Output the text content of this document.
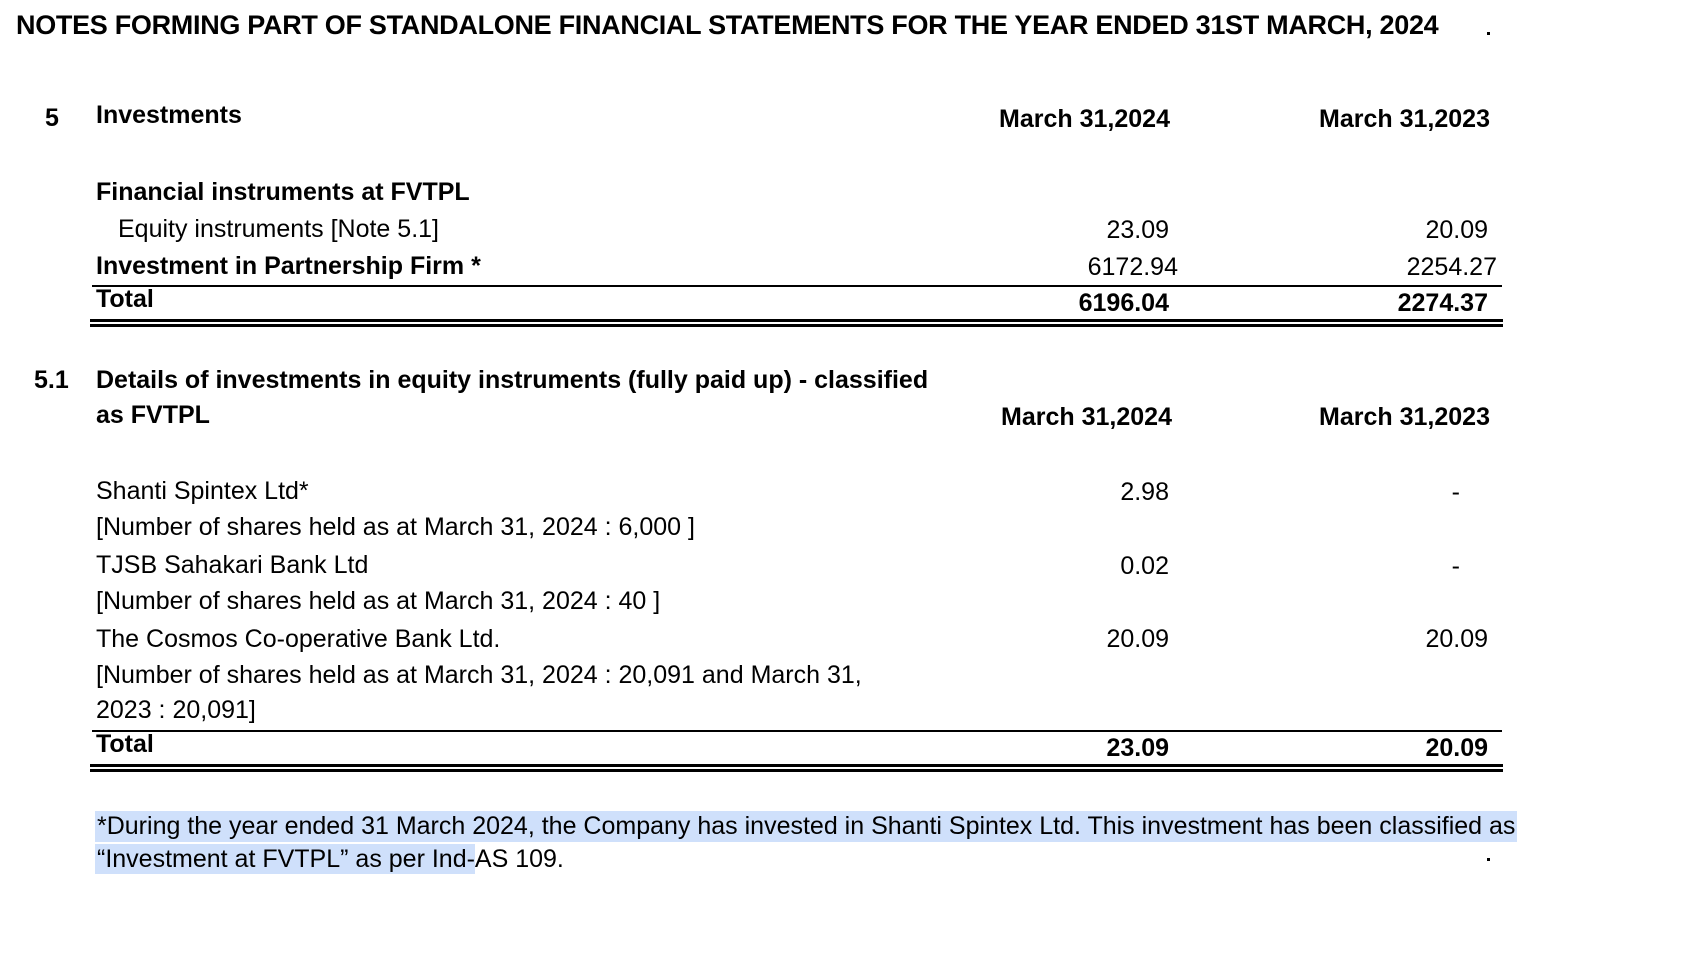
NOTES FORMING PART OF STANDALONE FINANCIAL STATEMENTS FOR THE YEAR ENDED 31ST MARCH, 2024
5 Investments	March 31,2024	March 31,2023
Financial instruments at FVTPL
Equity instruments [Note 5.1]	23.09	20.09
Investment in Partnership Firm *	6172.94	2254.27
Total	6196.04	2274.37
5.1 Details of investments in equity instruments (fully paid up) - classified
as FVTPL	March 31,2024	March 31,2023
Shanti Spintex Ltd*	2.98	-
[Number of shares held as at March 31, 2024 : 6,000 ]
TJSB Sahakari Bank Ltd	0.02	-
[Number of shares held as at March 31, 2024 : 40 ]
The Cosmos Co-operative Bank Ltd.	20.09	20.09
[Number of shares held as at March 31, 2024 : 20,091 and March 31,
2023 : 20,091]
Total	23.09	20.09
*During the year ended 31 March 2024, the Company has invested in Shanti Spintex Ltd. This investment has been classified as
“Investment at FVTPL” as per Ind-AS 109.
